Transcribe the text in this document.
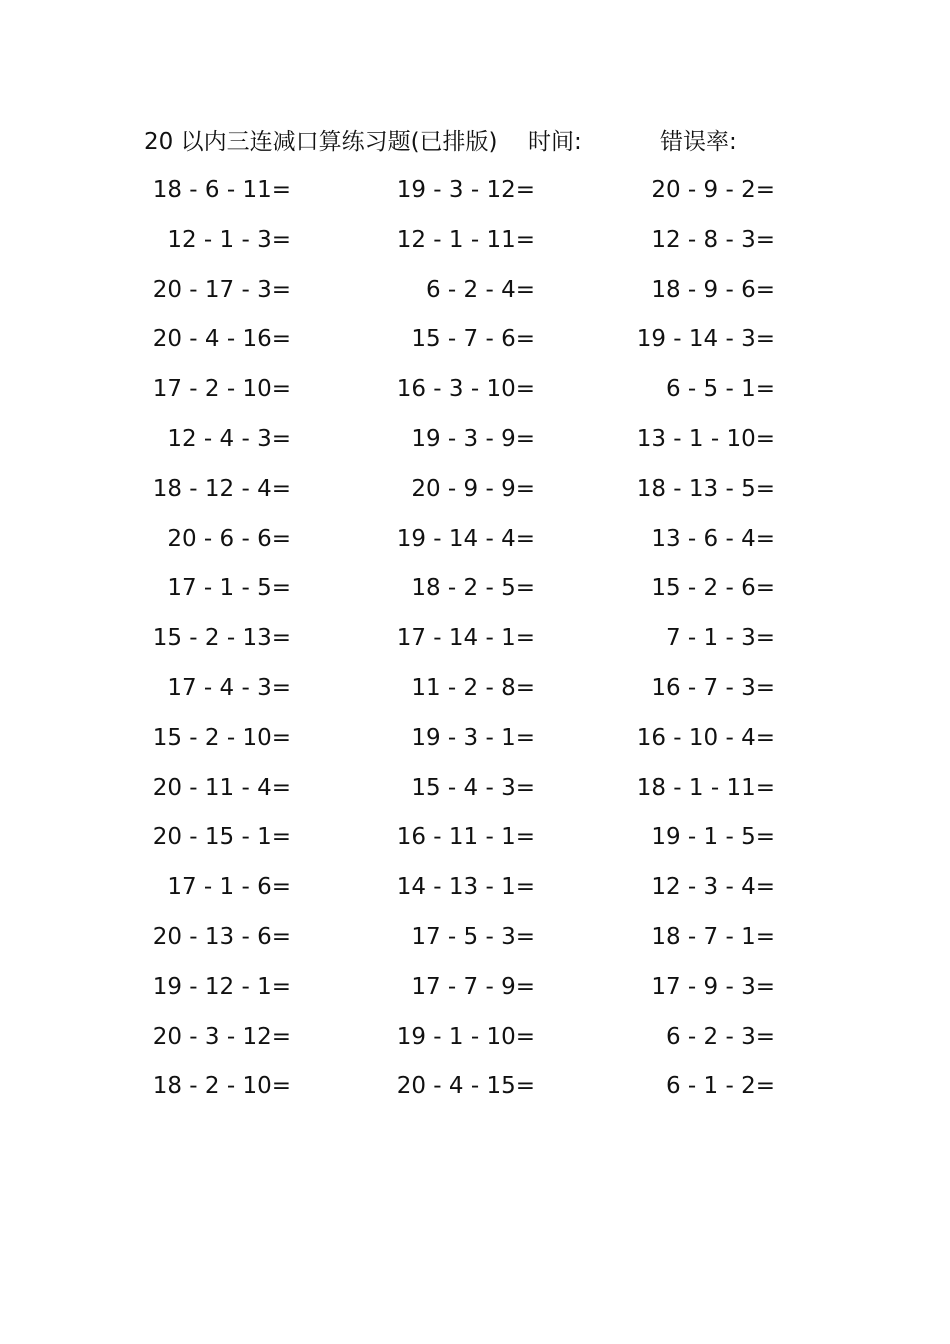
20 以内三连减口算练习题(已排版) 时间:	错误率:
18 - 6 - 11=	19 - 3 - 12=	20 - 9 - 2=
12 - 1 - 3=	12 - 1 - 11=	12 - 8 - 3=
20 - 17 - 3=	6 - 2 - 4=	18 - 9 - 6=
20 - 4 - 16=	15 - 7 - 6=	19 - 14 - 3=
17 - 2 - 10=	16 - 3 - 10=	6 - 5 - 1=
12 - 4 - 3=	19 - 3 - 9=	13 - 1 - 10=
18 - 12 - 4=	20 - 9 - 9=	18 - 13 - 5=
20 - 6 - 6=	19 - 14 - 4=	13 - 6 - 4=
17 - 1 - 5=	18 - 2 - 5=	15 - 2 - 6=
15 - 2 - 13=	17 - 14 - 1=	7 - 1 - 3=
17 - 4 - 3=	11 - 2 - 8=	16 - 7 - 3=
15 - 2 - 10=	19 - 3 - 1=	16 - 10 - 4=
20 - 11 - 4=	15 - 4 - 3=	18 - 1 - 11=
20 - 15 - 1=	16 - 11 - 1=	19 - 1 - 5=
17 - 1 - 6=	14 - 13 - 1=	12 - 3 - 4=
20 - 13 - 6=	17 - 5 - 3=	18 - 7 - 1=
19 - 12 - 1=	17 - 7 - 9=	17 - 9 - 3=
20 - 3 - 12=	19 - 1 - 10=	6 - 2 - 3=
18 - 2 - 10=	20 - 4 - 15=	6 - 1 - 2=
